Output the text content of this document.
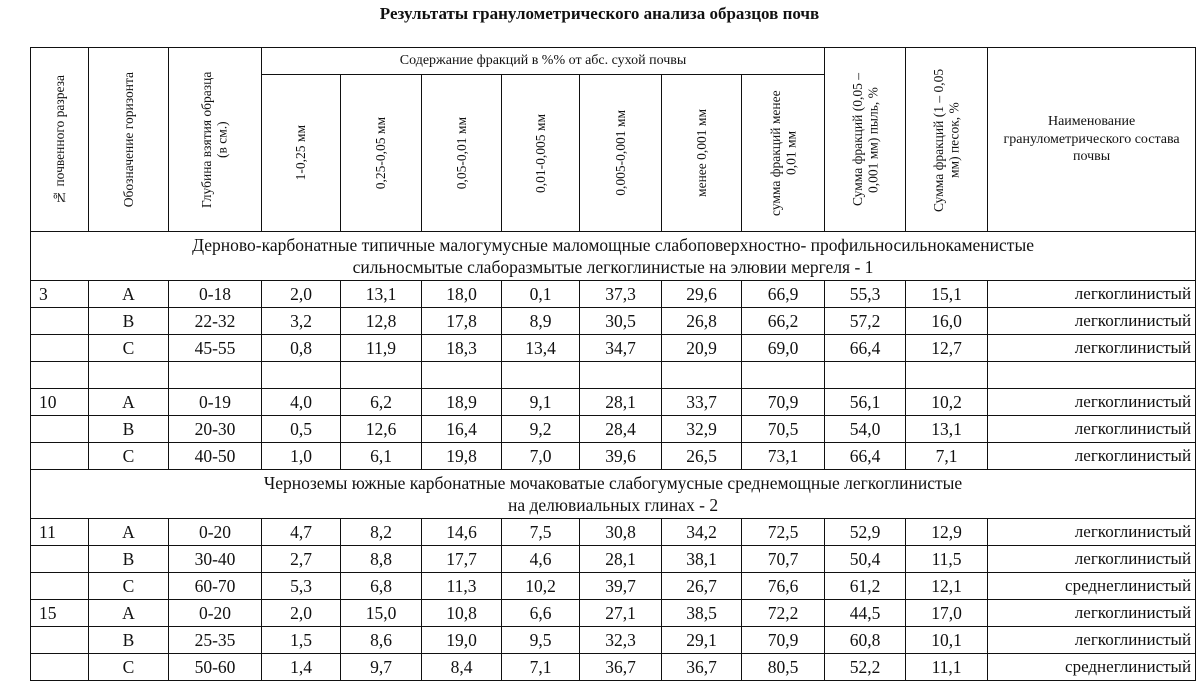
Результаты гранулометрического анализа образцов почв
№ почвенного разреза	Обозначение горизонта	Глубина взятия образца (в см.)	Содержание фракций в %% от абс. сухой почвы							Сумма фракций (0,05 – 0,001 мм) пыль, %	Сумма фракций (1 – 0,05 мм) песок, %	Наименование гранулометрического состава почвы

			1-0,25 мм	0,25-0,05 мм	0,05-0,01 мм	0,01-0,005 мм	0,005-0,001 мм	менее 0,001 мм	сумма фракций менее 0,01 мм			

Дерново-карбонатные типичные малогумусные маломощные слабоповерхностно- профильносильнокаменистые
сильносмытые слаборазмытые легкоглинистые на элювии мергеля - 1												

3	A	0-18	2,0	13,1	18,0	0,1	37,3	29,6	66,9	55,3	15,1	легкоглинистый
	B	22-32	3,2	12,8	17,8	8,9	30,5	26,8	66,2	57,2	16,0	легкоглинистый
	C	45-55	0,8	11,9	18,3	13,4	34,7	20,9	69,0	66,4	12,7	легкоглинистый

10	A	0-19	4,0	6,2	18,9	9,1	28,1	33,7	70,9	56,1	10,2	легкоглинистый
	B	20-30	0,5	12,6	16,4	9,2	28,4	32,9	70,5	54,0	13,1	легкоглинистый
	C	40-50	1,0	6,1	19,8	7,0	39,6	26,5	73,1	66,4	7,1	легкоглинистый

Черноземы южные карбонатные мочаковатые слабогумусные среднемощные легкоглинистые
на делювиальных глинах - 2												

11	A	0-20	4,7	8,2	14,6	7,5	30,8	34,2	72,5	52,9	12,9	легкоглинистый
	B	30-40	2,7	8,8	17,7	4,6	28,1	38,1	70,7	50,4	11,5	легкоглинистый
	C	60-70	5,3	6,8	11,3	10,2	39,7	26,7	76,6	61,2	12,1	среднеглинистый
15	A	0-20	2,0	15,0	10,8	6,6	27,1	38,5	72,2	44,5	17,0	легкоглинистый
	B	25-35	1,5	8,6	19,0	9,5	32,3	29,1	70,9	60,8	10,1	легкоглинистый
	C	50-60	1,4	9,7	8,4	7,1	36,7	36,7	80,5	52,2	11,1	среднеглинистый
